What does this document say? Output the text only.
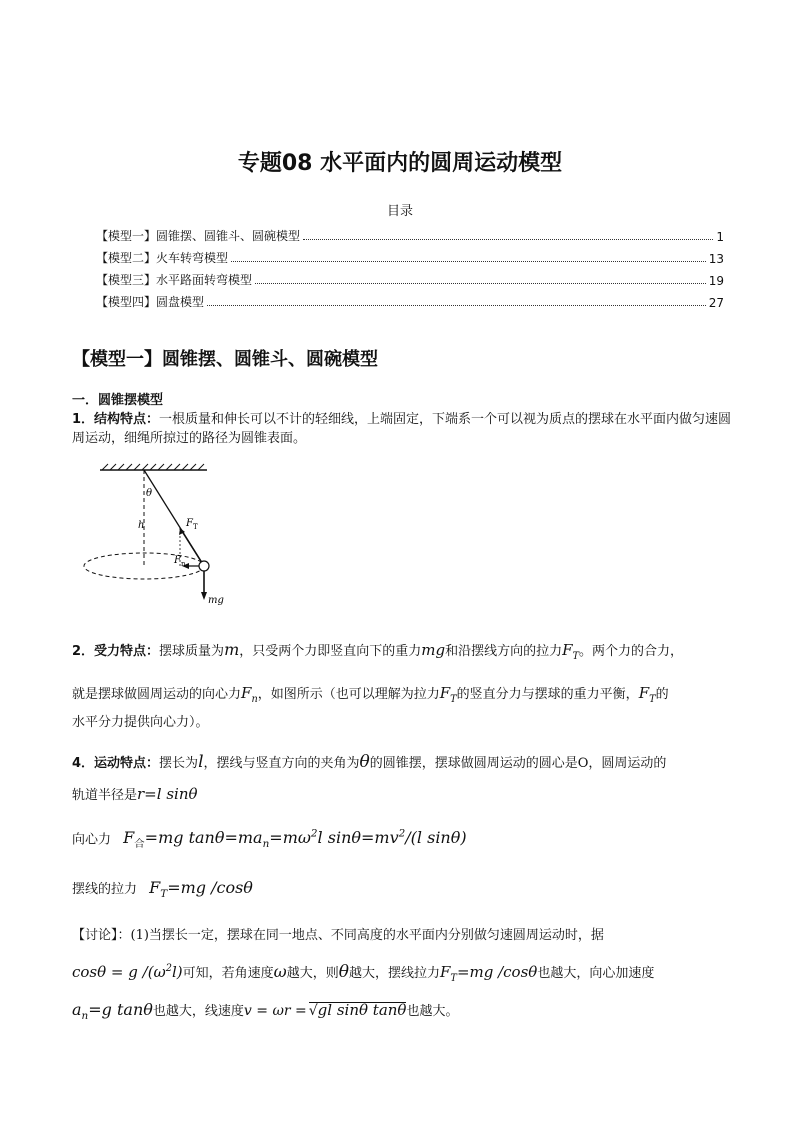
专题08 水平面内的圆周运动模型
目录
【模型一】圆锥摆、圆锥斗、圆碗模型	1
【模型二】火车转弯模型	13
【模型三】水平路面转弯模型	19
【模型四】圆盘模型	27
【模型一】圆锥摆、圆锥斗、圆碗模型
一．圆锥摆模型
1．结构特点：一根质量和伸长可以不计的轻细线，上端固定，下端系一个可以视为质点的摆球在水平面内做匀速圆周运动，细绳所掠过的路径为圆锥表面。
θ
h	F T
F n
mg
2．受力特点：摆球质量为m，只受两个力即竖直向下的重力mg和沿摆线方向的拉力$F_T$。两个力的合力，
就是摆球做圆周运动的向心力$F_n$，如图所示（也可以理解为拉力$F_T$的竖直分力与摆球的重力平衡，$F_T$的
水平分力提供向心力）。
4．运动特点：摆长为l，摆线与竖直方向的夹角为θ的圆锥摆，摆球做圆周运动的圆心是O，圆周运动的
轨道半径是r=l sinθ
向心力 $F_合=mg$ $\tan\theta=ma_n=m\omega^2l$ $\sin\theta=mv^2/(l$ sinθ)
摆线的拉力 $F_T=mg$ /cosθ
【讨论】：(1)当摆长一定，摆球在同一地点、不同高度的水平面内分别做匀速圆周运动时，据
cosθ = g $/(\omega^2l)$可知，若角速度ω越大，则θ越大，摆线拉力$F_T=mg$ /cosθ也越大，向心加速度
$a_n=g$ tanθ也越大，线速度v = ωr = √gl sinθ tanθ也越大。
